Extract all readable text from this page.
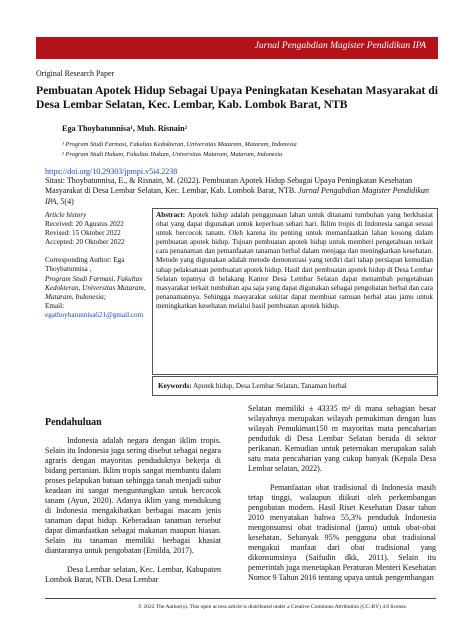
Jurnal Pengabdian Magister Pendidikan IPA
Original Research Paper
Pembuatan Apotek Hidup Sebagai Upaya Peningkatan Kesehatan Masyarakat di Desa Lembar Selatan, Kec. Lembar, Kab. Lombok Barat, NTB
Ega Thoybatunnisa¹, Muh. Risnain²
¹ Program Studi Farmasi, Fakultas Kedokteran, Universitas Mataram, Mataram, Indonesia
² Program Studi Hukum, Fakultas Hukum, Universitas Mataram, Mataram, Indonesia
https://doi.org/10.29303/jpmpi.v5i4.2238
Sitasi: Thoybatunnisa, E., & Risnain, M. (2022). Pembuatan Apotek Hidup Sebagai Upaya Peningkatan Kesehatan Masyarakat di Desa Lembar Selatan, Kec. Lembar, Kab. Lombok Barat, NTB. Jurnal Pengabdian Magister Pendidikan IPA, 5(4)
Article history
Received: 20 Agustus 2022
Revised: 15 Oktober 2022
Accepted: 20 Oktober 2022
Corresponding Author: Ega Thoybatunnisa ,
Program Studi Farmasi, Fakultas Kedokteran, Universitas Mataram, Mataram, Indonesia;
Email:
egathoybatunnisa621@gmail.com
Abstract: Apotek hidup adalah penggunaan lahan untuk ditanami tumbuhan yang berkhasiat obat yang dapat digunakan untuk keperluan sehari hari. Iklim tropis di Indonesia sangat sesuai untuk bercocok tanam. Oleh karena itu penting untuk memanfaatkan lahan kosong dalam pembuatan apotek hidup. Tujuan pembuatan apotek hidup untuk memberi pengetahuan terkait cara penanaman dan pemanfaatan tanaman herbal dalam menjaga dan meningkatkan kesehatan. Metode yang digunakan adalah metode demonstrasi yang terdiri dari tahap persiapan kemudian tahap pelaksanaan pembuatan apotek hidup. Hasil dari pembuatan apotek hidup di Desa Lembar Selatan tepatnya di belakang Kantor Desa Lembar Selatan dapat menambah pengetahuan masyarakat terkait tumbuhan apa saja yang dapat digunakan sebagai pengobatan herbal dan cara penanamannya. Sehingga masyarakat sekitar dapat membuat ramuan herbal atau jamu untuk meningkatkan kesehatan melalui hasil pembuatan apotek hidup.
Keywords: Apotek hidup, Desa Lembar Selatan, Tanaman herbal
Pendahuluan

Indonesia adalah negara dengan iklim tropis. Selain itu Indonesia juga sering disebut sebagai negara agraris dengan mayoritas penduduknya bekerja di bidang pertanian. Iklim tropis sangat membantu dalam proses pelapukan batuan sehingga tanah menjadi subur keadaan ini sangat menguntungkan untuk bercocok tanam (Ayun, 2020). Adanya iklim yang mendukung di Indonesia mengakibatkan berbagai macam jenis tanaman dapat hidup. Keberadaan tanaman tersebut dapat dimanfaatkan sebagai makanan maupun hiasan. Selain itu tanaman memiliki berbagai khasiat diantaranya untuk pengobatan (Emilda, 2017).

Desa Lembar selatan, Kec. Lembar, Kabupaten Lombok Barat, NTB. Desa Lembar

Selatan memiliki ± 43335 m² di mana sebagian besar wilayahnya merupakan wilayah pemukiman dengan luas wilayah Pemukiman150 m mayoritas mata pencaharian penduduk di Desa Lembar Selatan berada di sektor perikanan. Kemudian untuk peternakan merupakan salah satu mata pencaharian yang cukup banyak (Kepala Desa Lembar selatan, 2022).

Pemanfaatan obat tradisional di Indonesia masih tetap tinggi, walaupun diikuti oleh perkembangan pengobatan modern. Hasil Riset Kesehatan Dasar tahun 2010 menyatakan bahwa 55,3% penduduk Indonesia mengonsumsi obat tradisional (jamu) untuk obat-obat kesehatan. Sebanyak 95% pengguna obat tradisional mengakui manfaat dari obat tradisional yang dikonsumsinya (Saifudin dkk, 2011). Selain itu pemerintah juga menetapkan Peraturan Menteri Kesehatan Nomor 9 Tahun 2016 tentang upaya untuk pengembangan

© 2022 The Author(s). This open access article is distributed under a Creative Commons Attribution (CC-BY) 4.0 license.
